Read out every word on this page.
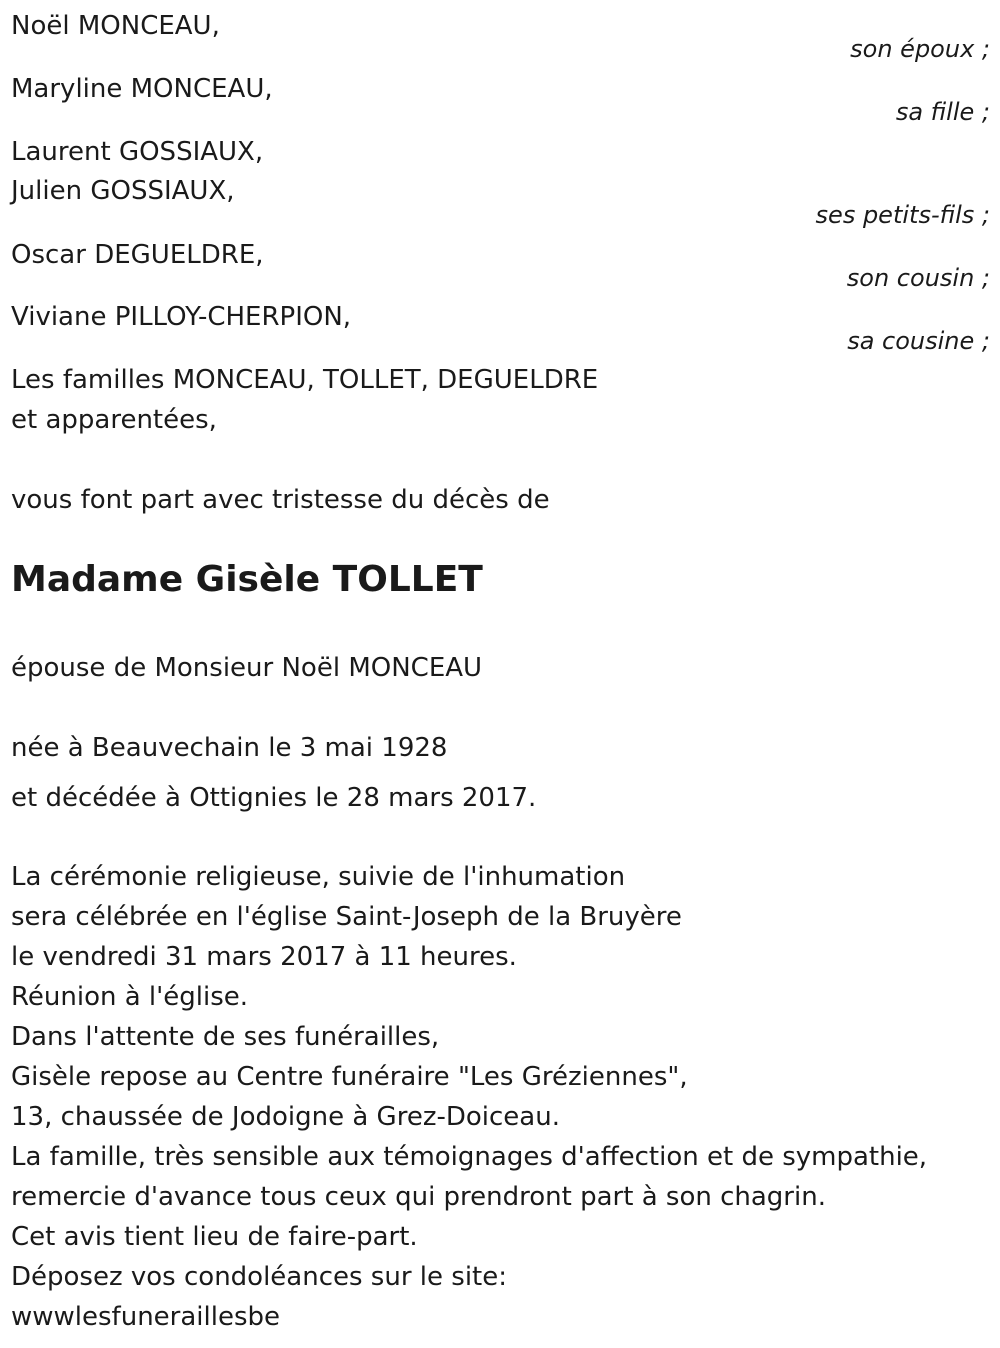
Noël MONCEAU,
son époux ;
Maryline MONCEAU,
sa fille ;
Laurent GOSSIAUX,
Julien GOSSIAUX,
ses petits-fils ;
Oscar DEGUELDRE,
son cousin ;
Viviane PILLOY-CHERPION,
sa cousine ;
Les familles MONCEAU, TOLLET, DEGUELDRE
et apparentées,
vous font part avec tristesse du décès de
Madame Gisèle TOLLET
épouse de Monsieur Noël MONCEAU
née à Beauvechain le 3 mai 1928
et décédée à Ottignies le 28 mars 2017.
La cérémonie religieuse, suivie de l'inhumation
sera célébrée en l'église Saint-Joseph de la Bruyère
le vendredi 31 mars 2017 à 11 heures.
Réunion à l'église.
Dans l'attente de ses funérailles,
Gisèle repose au Centre funéraire "Les Gréziennes",
13, chaussée de Jodoigne à Grez-Doiceau.
La famille, très sensible aux témoignages d'affection et de sympathie,
remercie d'avance tous ceux qui prendront part à son chagrin.
Cet avis tient lieu de faire-part.
Déposez vos condoléances sur le site:
wwwlesfuneraillesbe
